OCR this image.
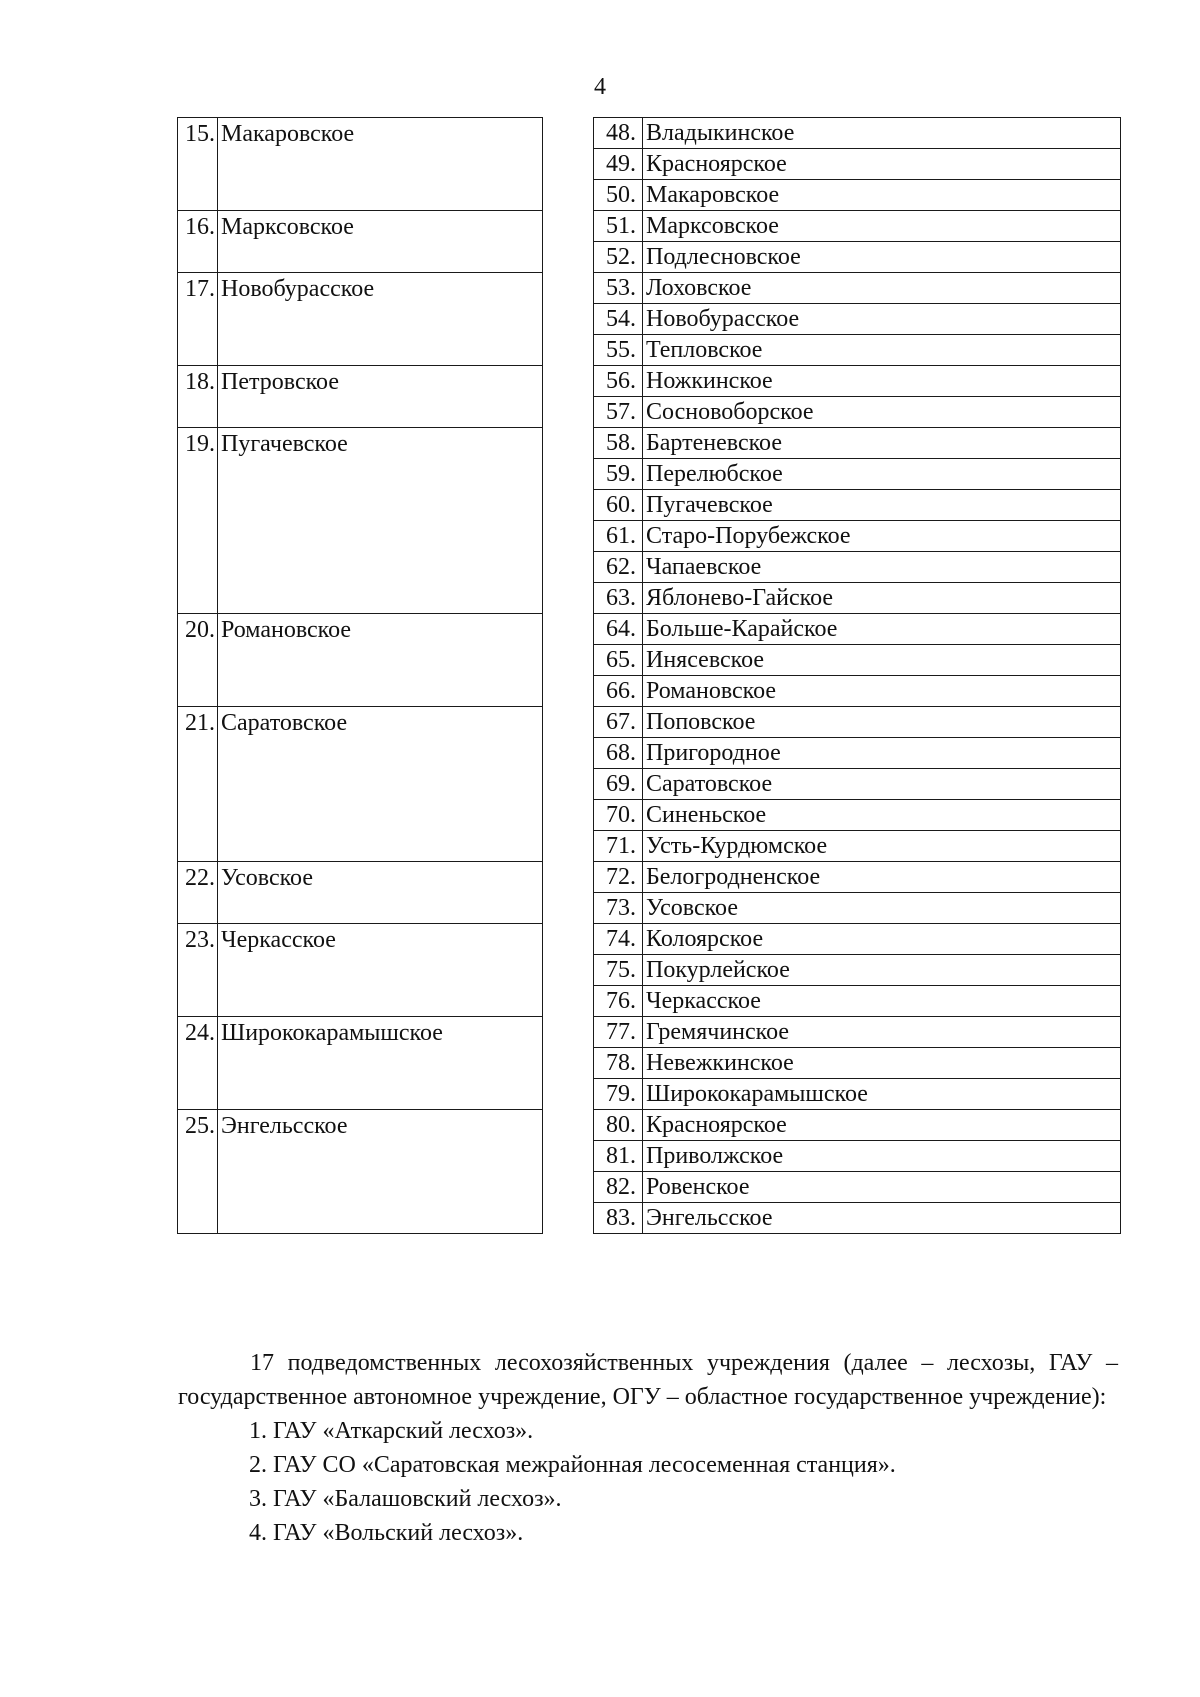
4
15.	Макаровское		48.	Владыкинское
			49.	Красноярское
			50.	Макаровское
16.	Марксовское		51.	Марксовское
			52.	Подлесновское
17.	Новобурасское		53.	Лоховское
			54.	Новобурасское
			55.	Тепловское
18.	Петровское		56.	Ножкинское
			57.	Сосновоборское
19.	Пугачевское		58.	Бартеневское
			59.	Перелюбское
			60.	Пугачевское
			61.	Старо-Порубежское
			62.	Чапаевское
			63.	Яблонево-Гайское
20.	Романовское		64.	Больше-Карайское
			65.	Инясевское
			66.	Романовское
21.	Саратовское		67.	Поповское
			68.	Пригородное
			69.	Саратовское
			70.	Синеньское
			71.	Усть-Курдюмское
22.	Усовское		72.	Белогродненское
			73.	Усовское
23.	Черкасское		74.	Колоярское
			75.	Покурлейское
			76.	Черкасское
24.	Ширококарамышское		77.	Гремячинское
			78.	Невежкинское
			79.	Ширококарамышское
25.	Энгельсское		80.	Красноярское
			81.	Приволжское
			82.	Ровенское
			83.	Энгельсское

17 подведомственных лесохозяйственных учреждения (далее – лесхозы, ГАУ – государственное автономное учреждение, ОГУ – областное государственное учреждение):

1. ГАУ «Аткарский лесхоз».

2. ГАУ СО «Саратовская межрайонная лесосеменная станция».

3. ГАУ «Балашовский лесхоз».

4. ГАУ «Вольский лесхоз».
